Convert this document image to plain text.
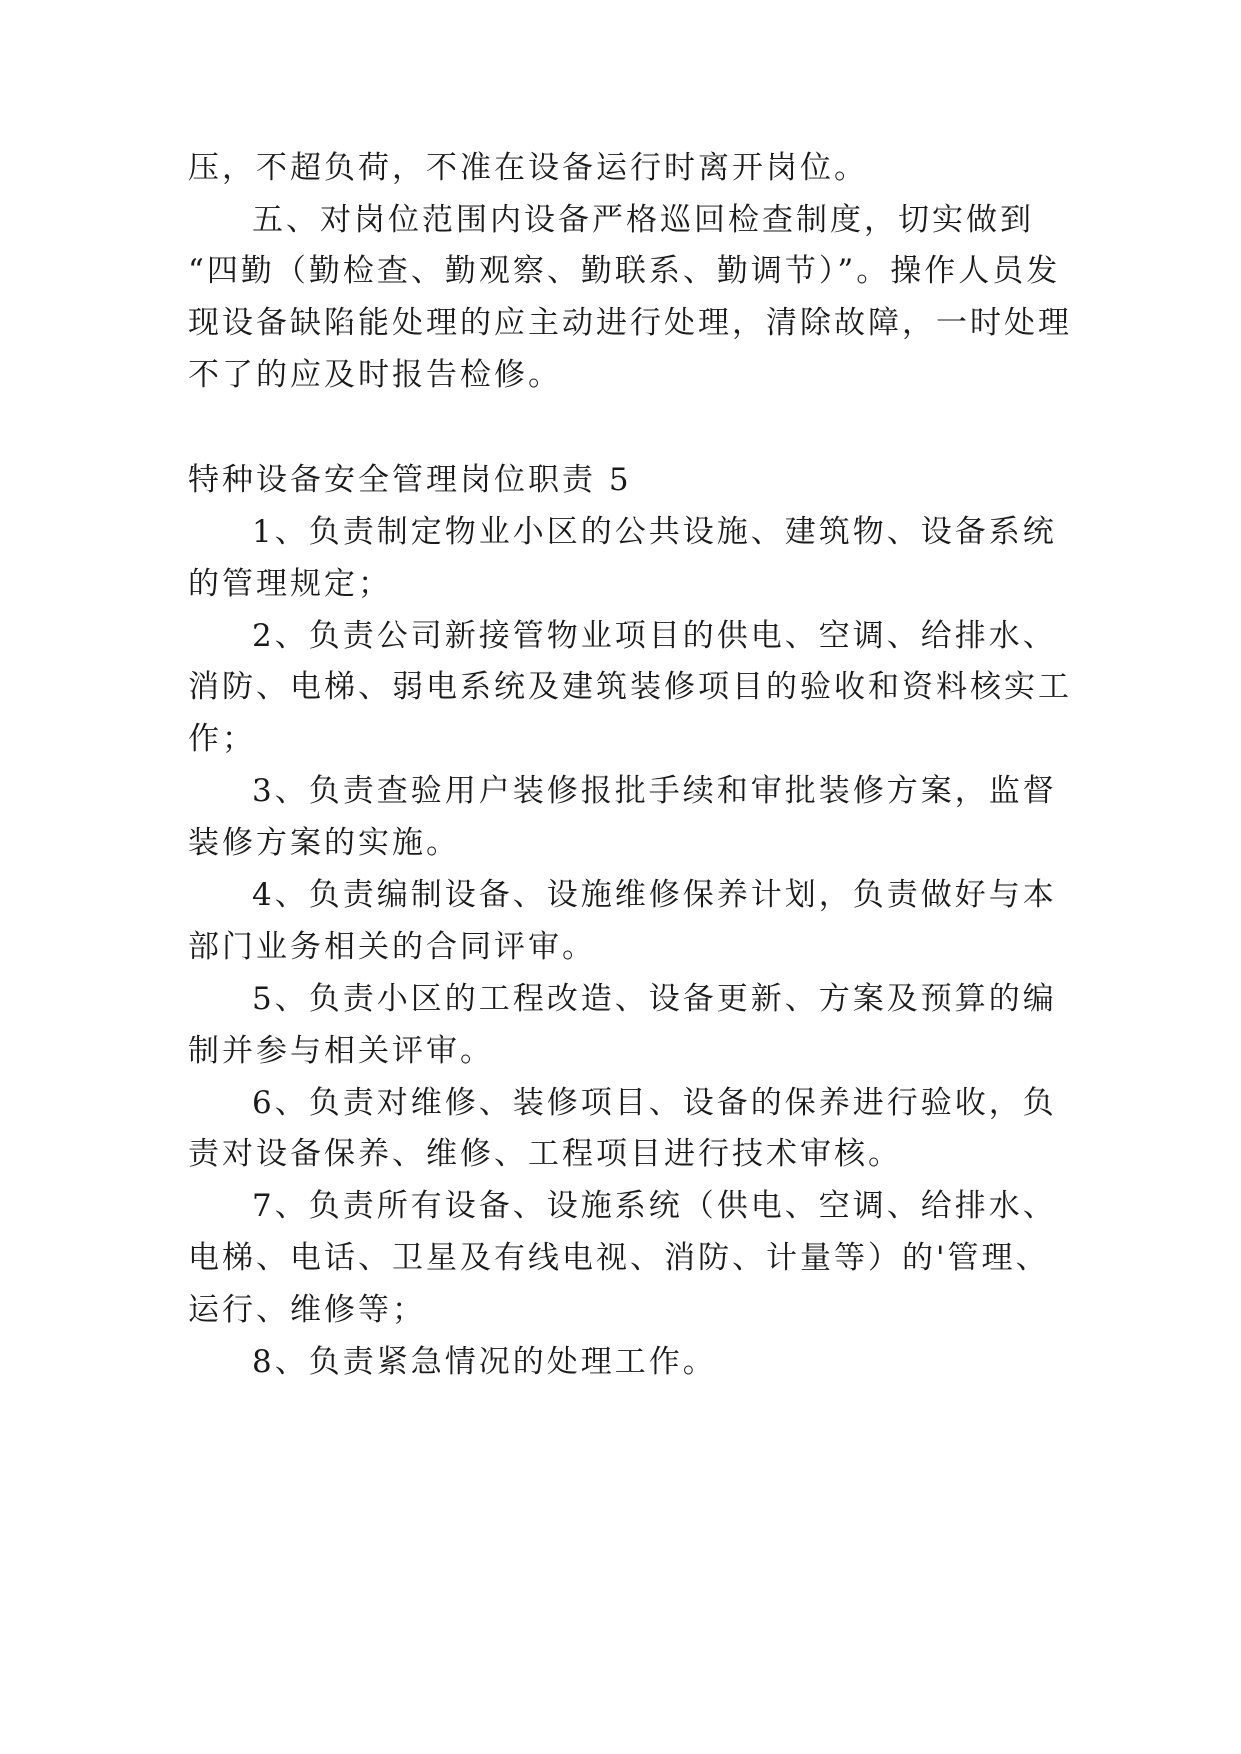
压，不超负荷，不准在设备运行时离开岗位。
五、对岗位范围内设备严格巡回检查制度，切实做到
“四勤（勤检查、勤观察、勤联系、勤调节）”。操作人员发
现设备缺陷能处理的应主动进行处理，清除故障，一时处理
不了的应及时报告检修。
特种设备安全管理岗位职责 5
1、负责制定物业小区的公共设施、建筑物、设备系统
的管理规定；
2、负责公司新接管物业项目的供电、空调、给排水、
消防、电梯、弱电系统及建筑装修项目的验收和资料核实工
作；
3、负责查验用户装修报批手续和审批装修方案，监督
装修方案的实施。
4、负责编制设备、设施维修保养计划，负责做好与本
部门业务相关的合同评审。
5、负责小区的工程改造、设备更新、方案及预算的编
制并参与相关评审。
6、负责对维修、装修项目、设备的保养进行验收，负
责对设备保养、维修、工程项目进行技术审核。
7、负责所有设备、设施系统（供电、空调、给排水、
电梯、电话、卫星及有线电视、消防、计量等）的'管理、
运行、维修等；
8、负责紧急情况的处理工作。
